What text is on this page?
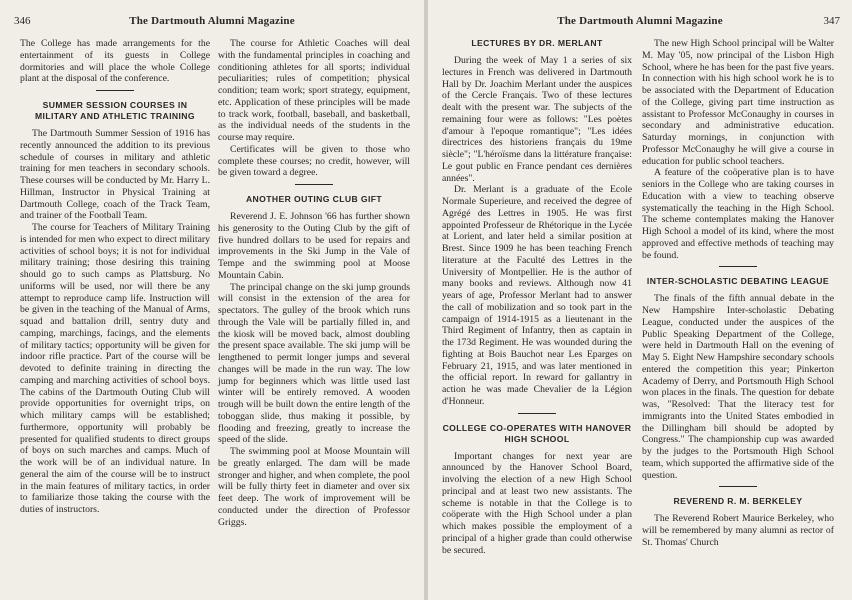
The Dartmouth Alumni Magazine
346

The College has made arrangements for the entertainment of its guests in College dormitories and will place the whole College plant at the disposal of the conference.

SUMMER SESSION COURSES IN MILITARY AND ATHLETIC TRAINING

The Dartmouth Summer Session of 1916 has recently announced the addition to its previous schedule of courses in military and athletic training for men teachers in secondary schools. These courses will be conducted by Mr. Harry L. Hillman, Instructor in Physical Training at Dartmouth College, coach of the Track Team, and trainer of the Football Team.

The course for Teachers of Military Training is intended for men who expect to direct military activities of school boys; it is not for individual military training; those desiring this training should go to such camps as Plattsburg. No uniforms will be used, nor will there be any attempt to reproduce camp life. Instruction will be given in the teaching of the Manual of Arms, squad and battalion drill, sentry duty and camping, marchings, facings, and the elements of military tactics; opportunity will be given for indoor rifle practice. Part of the course will be devoted to definite training in directing the camping and marching activities of school boys. The cabins of the Dartmouth Outing Club will provide opportunities for overnight trips, on which military camps will be established; furthermore, opportunity will probably be presented for qualified students to direct groups of boys on such marches and camps. Much of the work will be of an individual nature. In general the aim of the course will be to instruct in the main features of military tactics, in order to familiarize those taking the course with the duties of instructors.

The course for Athletic Coaches will deal with the fundamental principles in coaching and conditioning athletes for all sports; individual peculiarities; rules of competition; physical condition; team work; sport strategy, equipment, etc. Application of these principles will be made to track work, football, baseball, and basketball, as the individual needs of the students in the course may require.

Certificates will be given to those who complete these courses; no credit, however, will be given toward a degree.

ANOTHER OUTING CLUB GIFT

Reverend J. E. Johnson '66 has further shown his generosity to the Outing Club by the gift of five hundred dollars to be used for repairs and improvements in the Ski Jump in the Vale of Tempe and the swimming pool at Moose Mountain Cabin.

The principal change on the ski jump grounds will consist in the extension of the area for spectators. The gulley of the brook which runs through the Vale will be partially filled in, and the kiosk will be moved back, almost doubling the present space available. The ski jump will be lengthened to permit longer jumps and several changes will be made in the run way. The low jump for beginners which was little used last winter will be entirely removed. A wooden trough will be built down the entire length of the toboggan slide, thus making it possible, by flooding and freezing, greatly to increase the speed of the slide.

The swimming pool at Moose Mountain will be greatly enlarged. The dam will be made stronger and higher, and when complete, the pool will be fully thirty feet in diameter and over six feet deep. The work of improvement will be conducted under the direction of Professor Griggs.

The Dartmouth Alumni Magazine	347
LECTURES BY DR. MERLANT

During the week of May 1 a series of six lectures in French was delivered in Dartmouth Hall by Dr. Joachim Merlant under the auspices of the Cercle Français. Two of these lectures dealt with the present war. The subjects of the remaining four were as follows: "Les poètes d'amour à l'epoque romantique"; "Les idées directrices des historiens français du 19me siècle"; "L'héroïsme dans la littérature française: Le gout public en France pendant ces dernières années".

Dr. Merlant is a graduate of the Ecole Normale Superieure, and received the degree of Agrégé des Lettres in 1905. He was first appointed Professeur de Rhétorique in the Lycée at Lorient, and later held a similar position at Brest. Since 1909 he has been teaching French literature at the Faculté des Lettres in the University of Montpellier. He is the author of many books and reviews. Although now 41 years of age, Professor Merlant had to answer the call of mobilization and so took part in the campaign of 1914-1915 as a lieutenant in the Third Regiment of Infantry, then as captain in the 173d Regiment. He was wounded during the fighting at Bois Bauchot near Les Eparges on February 21, 1915, and was later mentioned in the official report. In reward for gallantry in action he was made Chevalier de la Légion d'Honneur.

COLLEGE CO-OPERATES WITH HANOVER HIGH SCHOOL

Important changes for next year are announced by the Hanover School Board, involving the election of a new High School principal and at least two new assistants. The scheme is notable in that the College is to coöperate with the High School under a plan which makes possible the employment of a principal of a higher grade than could otherwise be secured.

The new High School principal will be Walter M. May '05, now principal of the Lisbon High School, where he has been for the past five years. In connection with his high school work he is to be associated with the Department of Education of the College, giving part time instruction as assistant to Professor McConaughy in courses in secondary and administrative education. Saturday mornings, in conjunction with Professor McConaughy he will give a course in education for public school teachers.

A feature of the coöperative plan is to have seniors in the College who are taking courses in Education with a view to teaching observe systematically the teaching in the High School. The scheme contemplates making the Hanover High School a model of its kind, where the most approved and effective methods of teaching may be found.

INTER-SCHOLASTIC DEBATING LEAGUE

The finals of the fifth annual debate in the New Hampshire Inter-scholastic Debating League, conducted under the auspices of the Public Speaking Department of the College, were held in Dartmouth Hall on the evening of May 5. Eight New Hampshire secondary schools entered the competition this year; Pinkerton Academy of Derry, and Portsmouth High School won places in the finals. The question for debate was, "Resolved: That the literacy test for immigrants into the United States embodied in the Dillingham bill should be adopted by Congress." The championship cup was awarded by the judges to the Portsmouth High School team, which supported the affirmative side of the question.

REVEREND R. M. BERKELEY

The Reverend Robert Maurice Berkeley, who will be remembered by many alumni as rector of St. Thomas' Church
